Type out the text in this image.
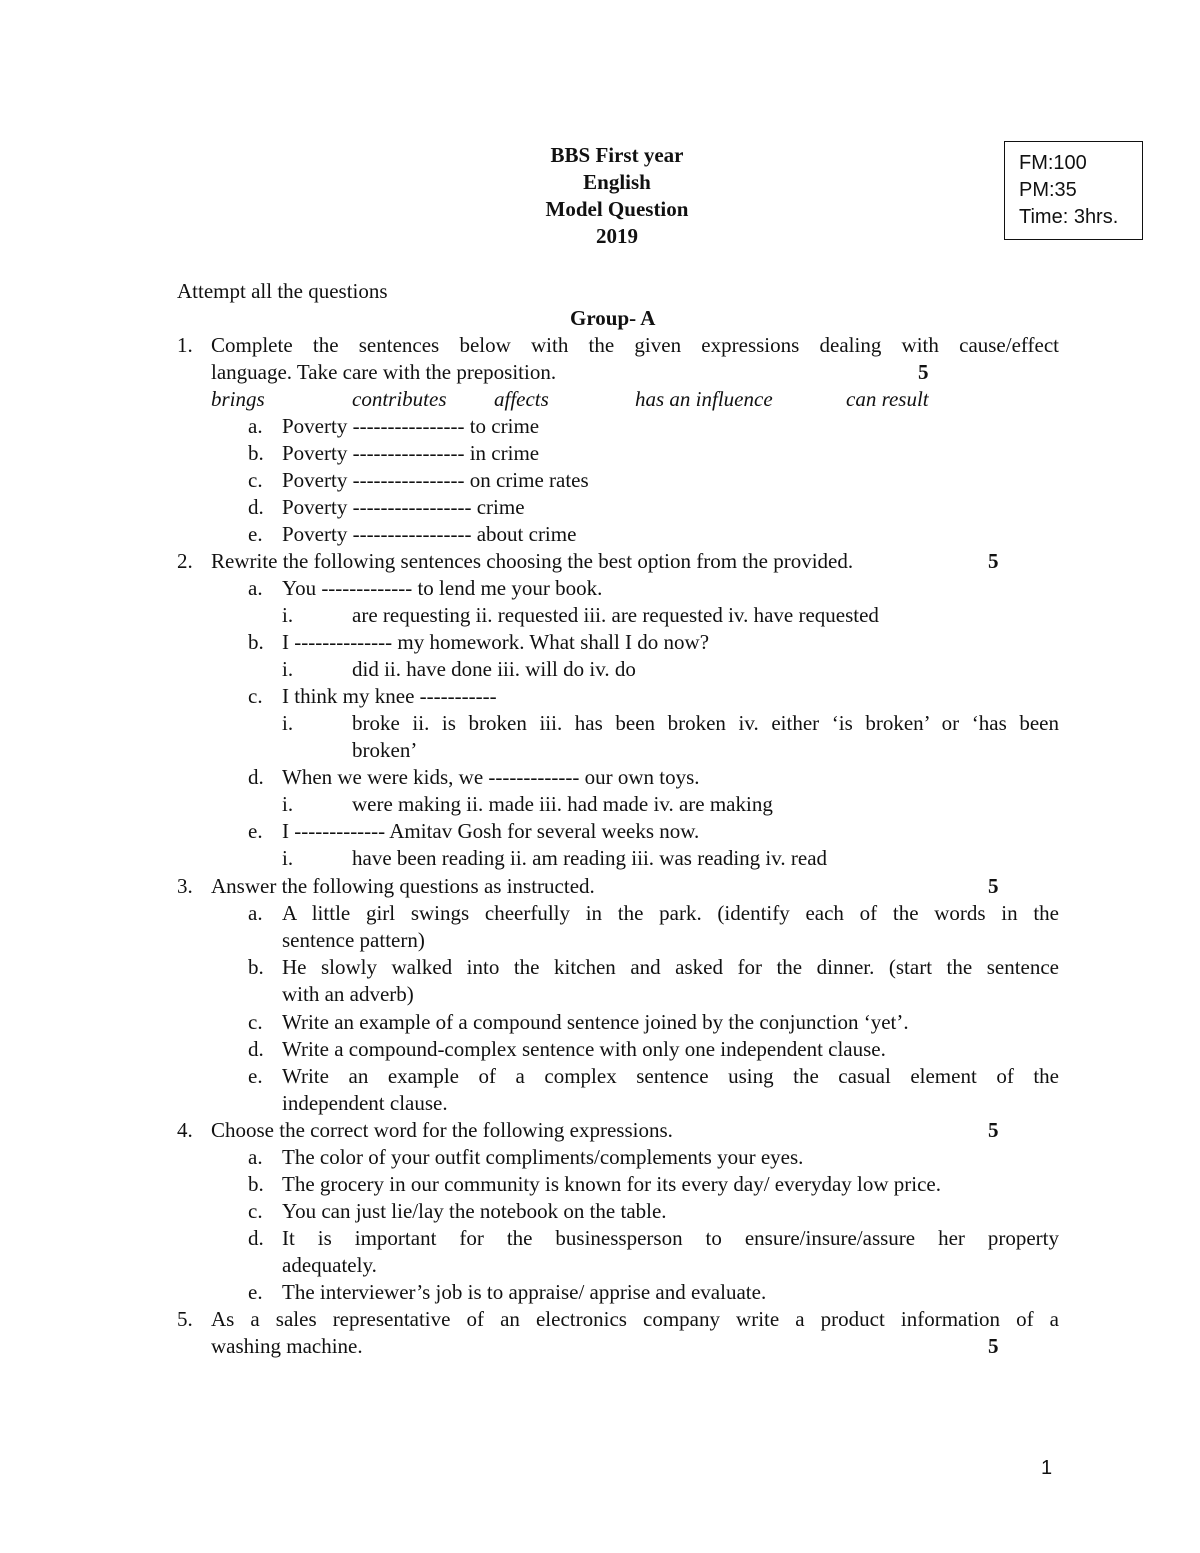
BBS First year
English
Model Question
2019
FM:100
PM:35
Time: 3hrs.
Attempt all the questions
Group- A
1. Complete the sentences below with the given expressions dealing with cause/effect
language. Take care with the preposition.	5
brings	contributes affects	has an influence	can result
a. Poverty ---------------- to crime
b. Poverty ---------------- in crime
c. Poverty ---------------- on crime rates
d. Poverty ----------------- crime
e. Poverty ----------------- about crime
2. Rewrite the following sentences choosing the best option from the provided.	5
a. You ------------- to lend me your book.
i.	are requesting ii. requested iii. are requested iv. have requested
b. I -------------- my homework. What shall I do now?
i.	did ii. have done iii. will do iv. do
c. I think my knee -----------
i.	broke ii. is broken iii. has been broken iv. either ‘is broken’ or ‘has been
broken’
d. When we were kids, we ------------- our own toys.
i.	were making ii. made iii. had made iv. are making
e. I ------------- Amitav Gosh for several weeks now.
i.	have been reading ii. am reading iii. was reading iv. read
3. Answer the following questions as instructed.	5
a. A little girl swings cheerfully in the park. (identify each of the words in the
sentence pattern)
b. He slowly walked into the kitchen and asked for the dinner. (start the sentence
with an adverb)
c. Write an example of a compound sentence joined by the conjunction ‘yet’.
d. Write a compound-complex sentence with only one independent clause.
e. Write an example of a complex sentence using the casual element of the
independent clause.
4. Choose the correct word for the following expressions.	5
a. The color of your outfit compliments/complements your eyes.
b. The grocery in our community is known for its every day/ everyday low price.
c. You can just lie/lay the notebook on the table.
d. It is important for the businessperson to ensure/insure/assure her property
adequately.
e. The interviewer’s job is to appraise/ apprise and evaluate.
5. As a sales representative of an electronics company write a product information of a
washing machine.	5
1
